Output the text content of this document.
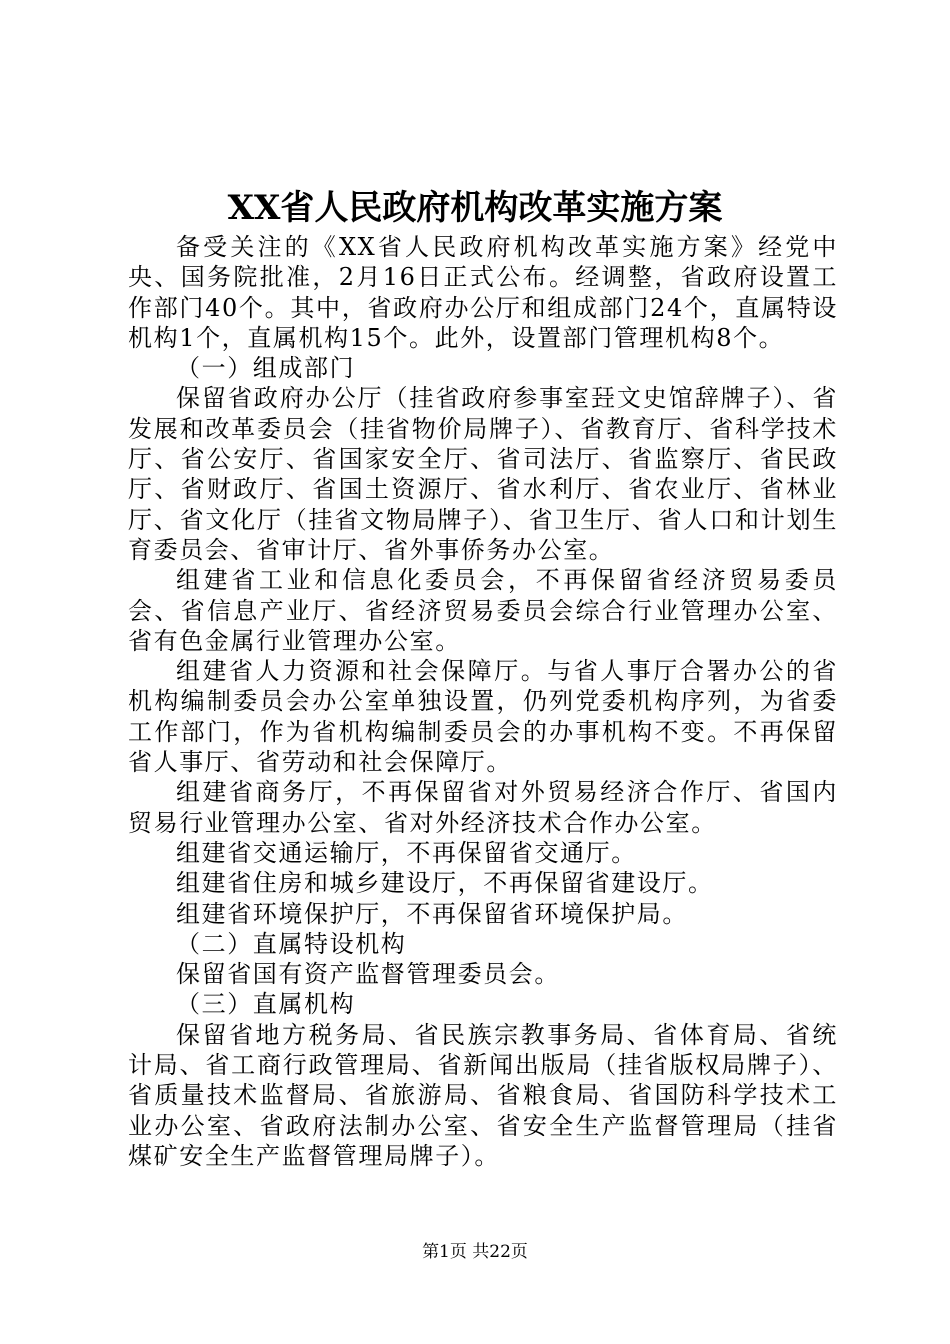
XX省人民政府机构改革实施方案

备受关注的《XX省人民政府机构改革实施方案》经党中央、国务院批准，2月16日正式公布。经调整，省政府设置工作部门40个。其中，省政府办公厅和组成部门24个，直属特设机构1个，直属机构15个。此外，设置部门管理机构8个。

（一）组成部门

保留省政府办公厅（挂省政府参事室㠭文史馆辞牌子）、省发展和改革委员会（挂省物价局牌子）、省教育厅、省科学技术厅、省公安厅、省国家安全厅、省司法厅、省监察厅、省民政厅、省财政厅、省国土资源厅、省水利厅、省农业厅、省林业厅、省文化厅（挂省文物局牌子）、省卫生厅、省人口和计划生育委员会、省审计厅、省外事侨务办公室。

组建省工业和信息化委员会，不再保留省经济贸易委员会、省信息产业厅、省经济贸易委员会综合行业管理办公室、省有色金属行业管理办公室。

组建省人力资源和社会保障厅。与省人事厅合署办公的省机构编制委员会办公室单独设置，仍列党委机构序列，为省委工作部门，作为省机构编制委员会的办事机构不变。不再保留省人事厅、省劳动和社会保障厅。

组建省商务厅，不再保留省对外贸易经济合作厅、省国内贸易行业管理办公室、省对外经济技术合作办公室。

组建省交通运输厅，不再保留省交通厅。

组建省住房和城乡建设厅，不再保留省建设厅。

组建省环境保护厅，不再保留省环境保护局。

（二）直属特设机构

保留省国有资产监督管理委员会。

（三）直属机构

保留省地方税务局、省民族宗教事务局、省体育局、省统计局、省工商行政管理局、省新闻出版局（挂省版权局牌子）、省质量技术监督局、省旅游局、省粮食局、省国防科学技术工业办公室、省政府法制办公室、省安全生产监督管理局（挂省煤矿安全生产监督管理局牌子）。

第1页 共22页
